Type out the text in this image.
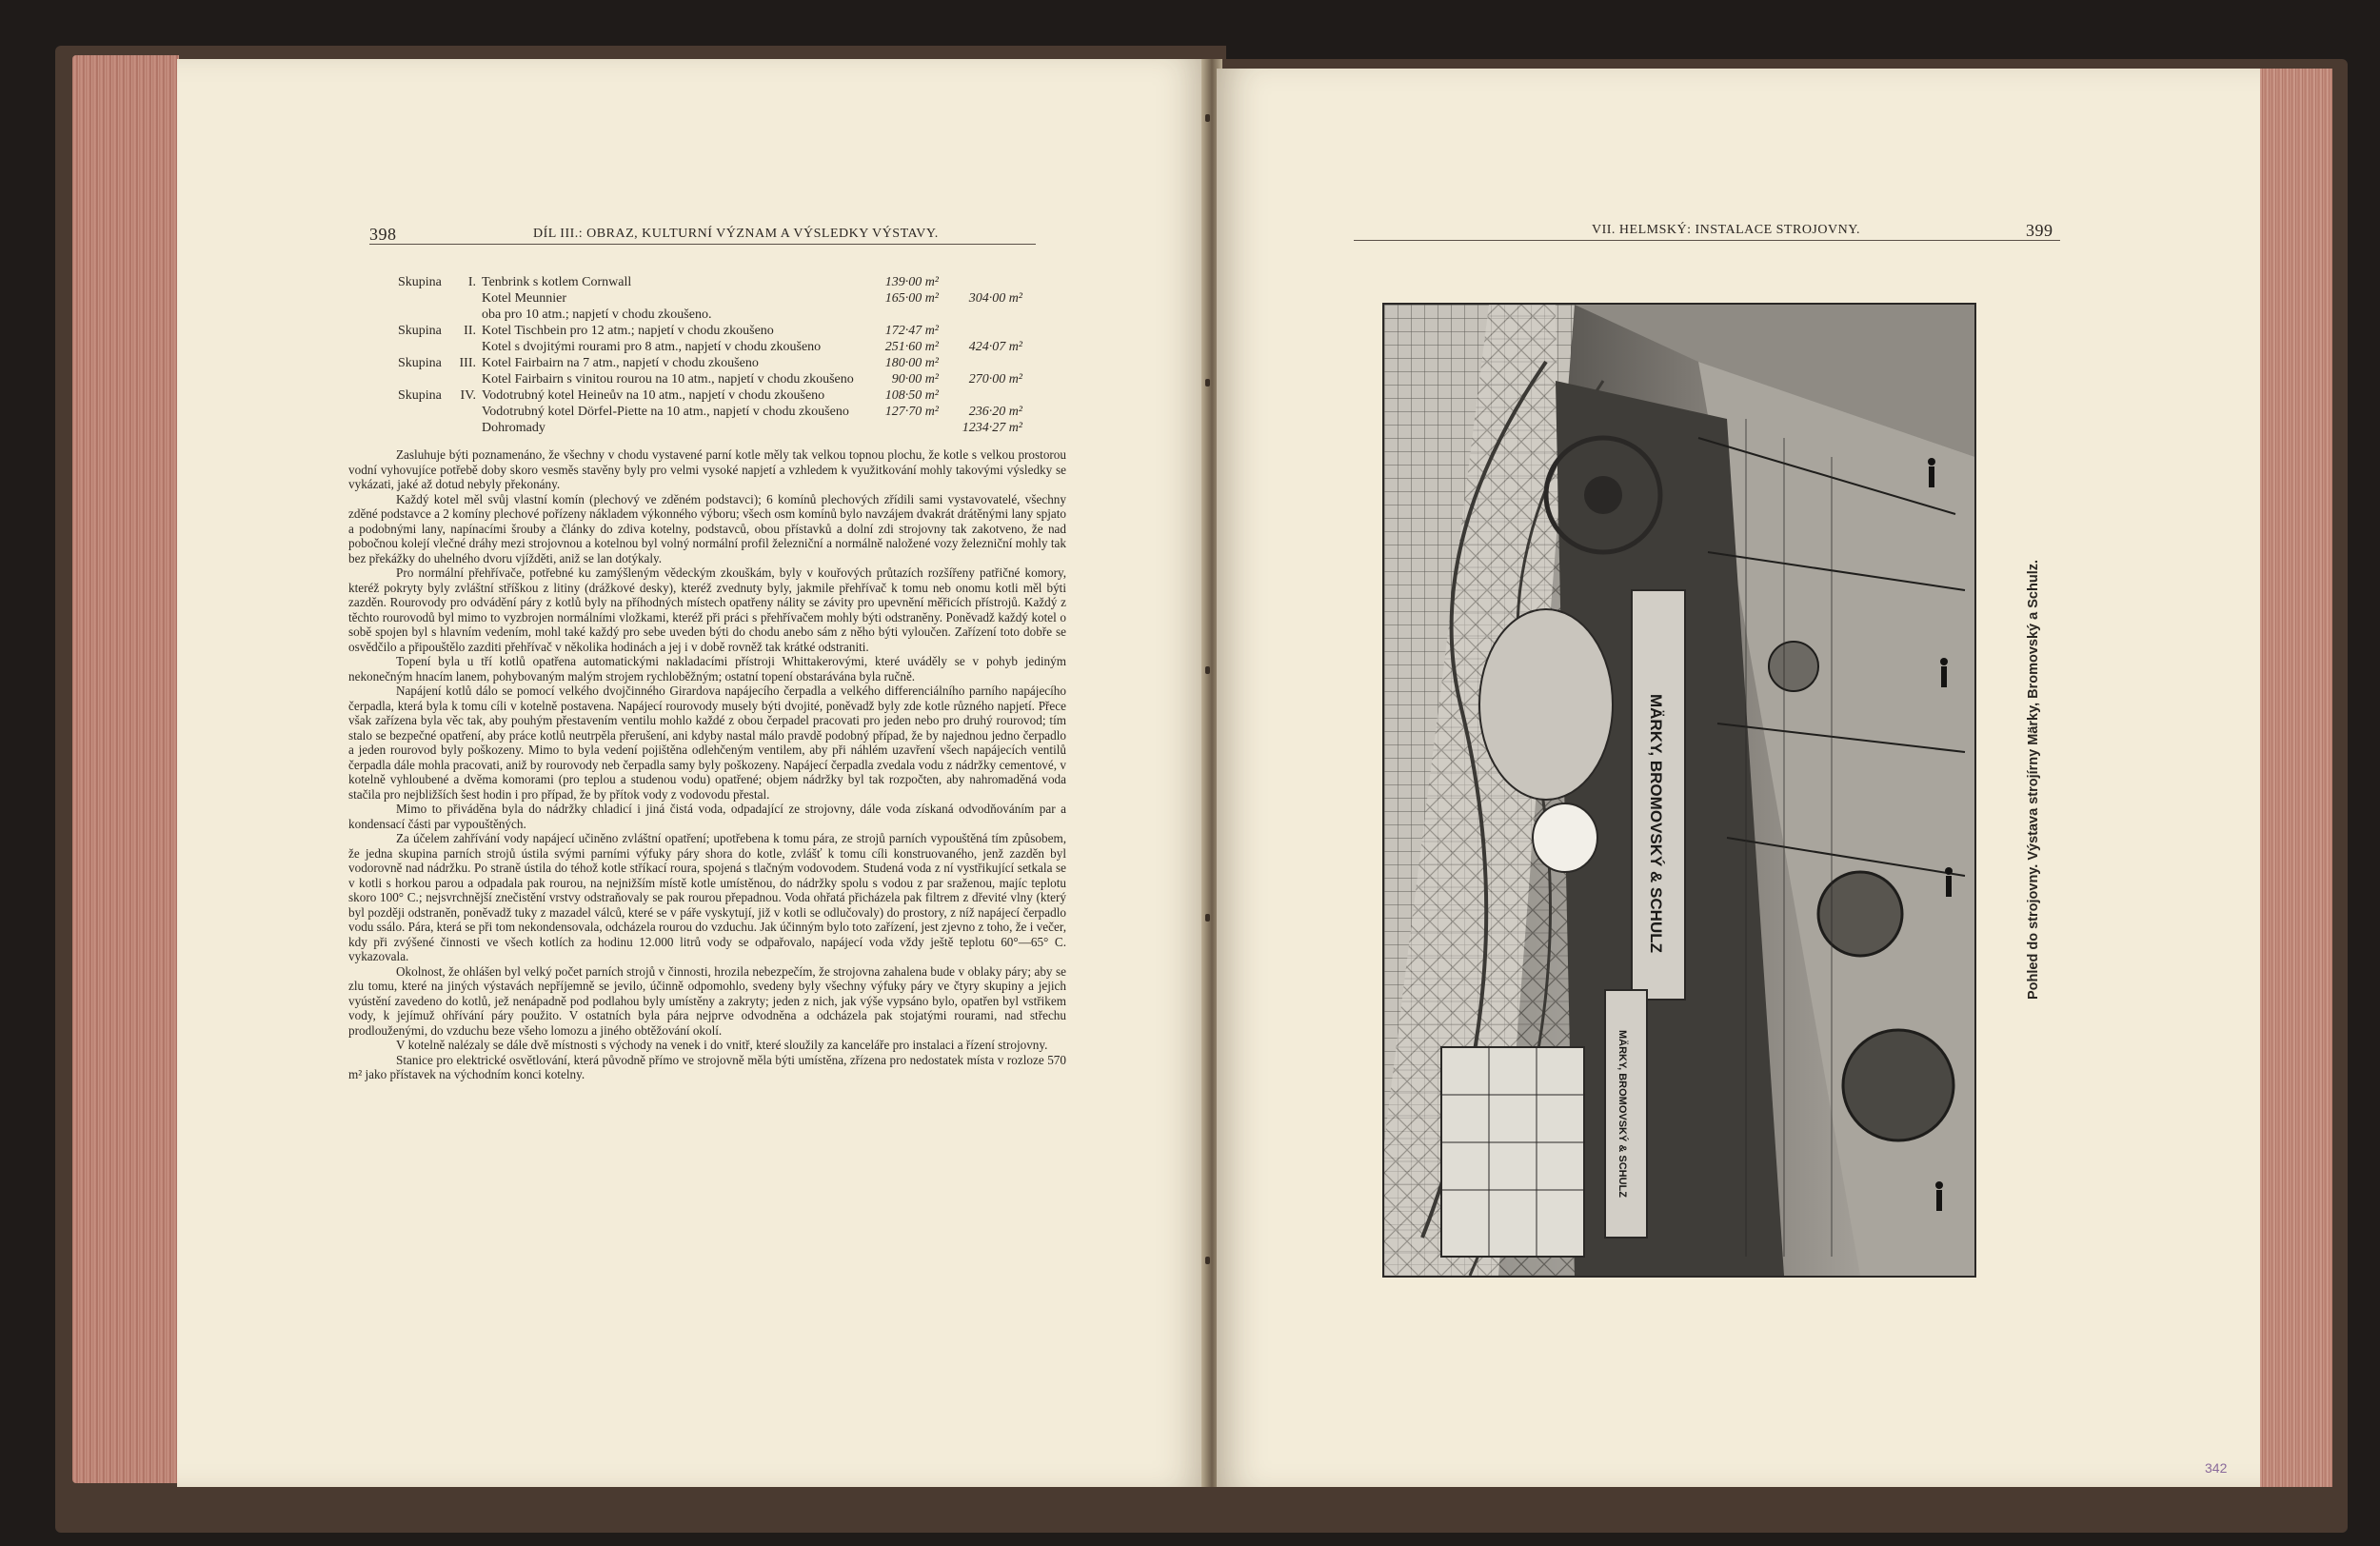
398	DÍL III.: OBRAZ, KULTURNÍ VÝZNAM A VÝSLEDKY VÝSTAVY.
Skupina	I.	Tenbrink s kotlem Cornwall	139·00 m²	
		Kotel Meunnier	165·00 m²	304·00 m²
		oba pro 10 atm.; napjetí v chodu zkoušeno.		
Skupina	II.	Kotel Tischbein pro 12 atm.; napjetí v chodu zkoušeno	172·47 m²	
		Kotel s dvojitými rourami pro 8 atm., napjetí v chodu zkoušeno	251·60 m²	424·07 m²
Skupina	III.	Kotel Fairbairn na 7 atm., napjetí v chodu zkoušeno	180·00 m²	
		Kotel Fairbairn s vinitou rourou na 10 atm., napjetí v chodu zkoušeno	90·00 m²	270·00 m²
Skupina	IV.	Vodotrubný kotel Heineův na 10 atm., napjetí v chodu zkoušeno	108·50 m²	
		Vodotrubný kotel Dörfel-Piette na 10 atm., napjetí v chodu zkoušeno	127·70 m²	236·20 m²
		Dohromady		1234·27 m²

Zasluhuje býti poznamenáno, že všechny v chodu vystavené parní kotle měly tak velkou topnou plochu, že kotle s velkou prostorou vodní vyhovujíce potřebě doby skoro vesměs stavěny byly pro velmi vysoké napjetí a vzhledem k využitkování mohly takovými výsledky se vykázati, jaké až dotud nebyly překonány.

Každý kotel měl svůj vlastní komín (plechový ve zděném podstavci); 6 komínů plechových zřídili sami vystavovatelé, všechny zděné podstavce a 2 komíny plechové pořízeny nákladem výkonného výboru; všech osm komínů bylo navzájem dvakrát drátěnými lany spjato a podobnými lany, napínacími šrouby a články do zdiva kotelny, podstavců, obou přístavků a dolní zdi strojovny tak zakotveno, že nad pobočnou kolejí vlečné dráhy mezi strojovnou a kotelnou byl volný normální profil železniční a normálně naložené vozy železniční mohly tak bez překážky do uhelného dvoru vjížděti, aniž se lan dotýkaly.

Pro normální přehřívače, potřebné ku zamýšleným vědeckým zkouškám, byly v kouřových průtazích rozšířeny patřičné komory, kteréž pokryty byly zvláštní stříškou z litiny (drážkové desky), kteréž zvednuty byly, jakmile přehřívač k tomu neb onomu kotli měl býti zazděn. Rourovody pro odvádění páry z kotlů byly na příhodných místech opatřeny nálity se závity pro upevnění měřicích přístrojů. Každý z těchto rourovodů byl mimo to vyzbrojen normálními vložkami, kteréž při práci s přehřívačem mohly býti odstraněny. Poněvadž každý kotel o sobě spojen byl s hlavním vedením, mohl také každý pro sebe uveden býti do chodu anebo sám z něho býti vyloučen. Zařízení toto dobře se osvědčilo a připouštělo zazditi přehřívač v několika hodinách a jej i v době rovněž tak krátké odstraniti.

Topení byla u tří kotlů opatřena automatickými nakladacími přístroji Whittakerovými, které uváděly se v pohyb jediným nekonečným hnacím lanem, pohybovaným malým strojem rychloběžným; ostatní topení obstarávána byla ručně.

Napájení kotlů dálo se pomocí velkého dvojčinného Girardova napájecího čerpadla a velkého differenciálního parního napájecího čerpadla, která byla k tomu cíli v kotelně postavena. Napájecí rourovody musely býti dvojité, poněvadž byly zde kotle různého napjetí. Přece však zařízena byla věc tak, aby pouhým přestavením ventilu mohlo každé z obou čerpadel pracovati pro jeden nebo pro druhý rourovod; tím stalo se bezpečné opatření, aby práce kotlů neutrpěla přerušení, ani kdyby nastal málo pravdě podobný případ, že by najednou jedno čerpadlo a jeden rourovod byly poškozeny. Mimo to byla vedení pojištěna odlehčeným ventilem, aby při náhlém uzavření všech napájecích ventilů čerpadla dále mohla pracovati, aniž by rourovody neb čerpadla samy byly poškozeny. Napájecí čerpadla zvedala vodu z nádržky cementové, v kotelně vyhloubené a dvěma komorami (pro teplou a studenou vodu) opatřené; objem nádržky byl tak rozpočten, aby nahromaděná voda stačila pro nejbližších šest hodin i pro případ, že by přítok vody z vodovodu přestal.

Mimo to přiváděna byla do nádržky chladicí i jiná čistá voda, odpadající ze strojovny, dále voda získaná odvodňováním par a kondensací části par vypouštěných.

Za účelem zahřívání vody napájecí učiněno zvláštní opatření; upotřebena k tomu pára, ze strojů parních vypouštěná tím způsobem, že jedna skupina parních strojů ústila svými parními výfuky páry shora do kotle, zvlášť k tomu cíli konstruovaného, jenž zazděn byl vodorovně nad nádržku. Po straně ústila do téhož kotle stříkací roura, spojená s tlačným vodovodem. Studená voda z ní vystřikující setkala se v kotli s horkou parou a odpadala pak rourou, na nejnižším místě kotle umístěnou, do nádržky spolu s vodou z par sraženou, majíc teplotu skoro 100° C.; nejsvrchnější znečistění vrstvy odstraňovaly se pak rourou přepadnou. Voda ohřatá přicházela pak filtrem z dřevité vlny (který byl později odstraněn, poněvadž tuky z mazadel válců, které se v páře vyskytují, již v kotli se odlučovaly) do prostory, z níž napájecí čerpadlo vodu ssálo. Pára, která se při tom nekondensovala, odcházela rourou do vzduchu. Jak účinným bylo toto zařízení, jest zjevno z toho, že i večer, kdy při zvýšené činnosti ve všech kotlích za hodinu 12.000 litrů vody se odpařovalo, napájecí voda vždy ještě teplotu 60°—65° C. vykazovala.

Okolnost, že ohlášen byl velký počet parních strojů v činnosti, hrozila nebezpečím, že strojovna zahalena bude v oblaky páry; aby se zlu tomu, které na jiných výstavách nepříjemně se jevilo, účinně odpomohlo, svedeny byly všechny výfuky páry ve čtyry skupiny a jejich vyústění zavedeno do kotlů, jež nenápadně pod podlahou byly umístěny a zakryty; jeden z nich, jak výše vypsáno bylo, opatřen byl vstřikem vody, k jejímuž ohřívání páry použito. V ostatních byla pára nejprve odvodněna a odcházela pak stojatými rourami, nad střechu prodlouženými, do vzduchu beze všeho lomozu a jiného obtěžování okolí.

V kotelně nalézaly se dále dvě místnosti s východy na venek i do vnitř, které sloužily za kanceláře pro instalaci a řízení strojovny.

Stanice pro elektrické osvětlování, která původně přímo ve strojovně měla býti umístěna, zřízena pro nedostatek místa v rozloze 570 m² jako přístavek na východním konci kotelny.

VII. HELMSKÝ: INSTALACE STROJOVNY.	399
MÄRKY, BROMOVSKÝ & SCHULZ
MÄRKY, BROMOVSKÝ & SCHULZ
Pohled do strojovny. Výstava strojírny Märky, Bromovský a Schulz.
342
